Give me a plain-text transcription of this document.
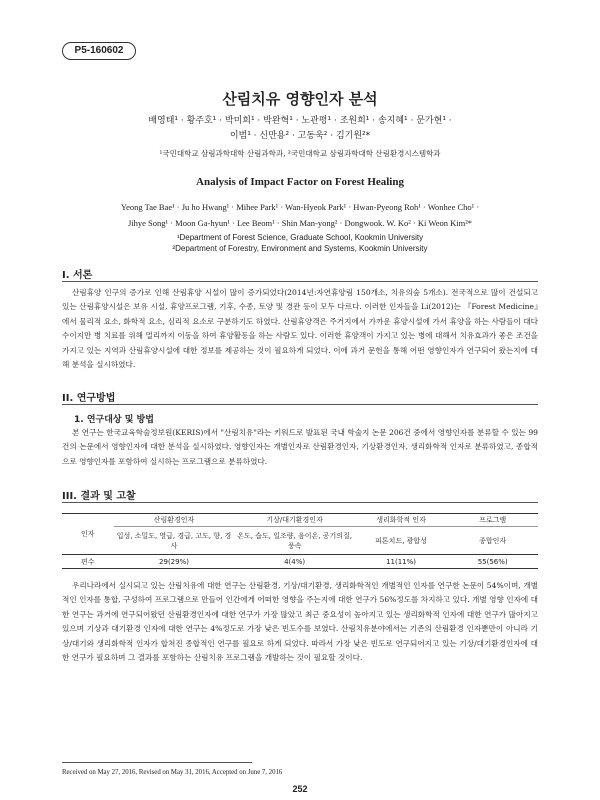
P5-160602
산림치유 영향인자 분석
배영태¹ · 황주호¹ · 박미희¹ · 박완혁¹ · 노관평¹ · 조원희¹ · 송지혜¹ · 문가현¹ ·
이범¹ · 신만용² · 고동욱² · 김기원²*
¹국민대학교 삼림과학대학 산림과학과, ²국민대학교 삼림과학대학 산림환경시스템학과
Analysis of Impact Factor on Forest Healing
Yeong Tae Bae¹ · Ju ho Hwang¹ · Mihee Park¹ · Wan-Hyeok Park¹ · Hwan-Pyeong Roh¹ · Wonhee Cho¹ ·
Jihye Song¹ · Moon Ga-hyun¹ · Lee Beom¹ · Shin Man-yong² · Dongwook. W. Ko² · Ki Weon Kim²*
¹Department of Forest Science, Graduate School, Kookmin University
²Department of Forestry, Environment and Systems, Kookmin University
I. 서론
산림휴양 인구의 증가로 인해 산림휴양 시설이 많이 증가되었다(2014년:자연휴양림 150개소, 치유의숲 5개소). 전국적으로 많이 건설되고 있는 산림휴양시설은 보유 시설, 휴양프로그램, 기후, 수종, 토양 및 경관 등이 모두 다르다. 이러한 인자들을 Li(2012)는 『Forest Medicine』에서 물리적 요소, 화학적 요소, 심리적 요소로 구분하기도 하였다. 산림휴양객은 주거지에서 가까운 휴양시설에 가서 휴양을 하는 사람들이 대다수이지만 병 치료를 위해 멀리까지 이동을 하여 휴양활동을 하는 사람도 있다. 이러한 휴양객이 가지고 있는 병에 대해서 치유효과가 좋은 조건을 가지고 있는 지역과 산림휴양시설에 대한 정보를 제공하는 것이 필요하게 되었다. 이에 과거 문헌을 통해 어떤 영향인자가 연구되어 왔는지에 대해 분석을 실시하였다.
II. 연구방법
1. 연구대상 및 방법
본 연구는 한국교육학술정보원(KERIS)에서 "산림치유"라는 키워드로 발표된 국내 학술지 논문 206건 중에서 영향인자를 분류할 수 있는 99건의 논문에서 영향인자에 대한 분석을 실시하였다. 영향인자는 개별인자로 산림환경인자, 기상환경인자, 생리화학적 인자로 분류하였고, 종합적으로 영향인자를 포함하여 실시하는 프로그램으로 분류하였다.
III. 결과 및 고찰
인자	산림환경인자	기상/대기환경인자	생리화학적 인자	프로그램
	입성, 소밀도, 영급, 경급, 고도, 향, 경사	온도, 습도, 일조량, 음이온, 공기의질, 풍속	피톤치드, 광합성	종합인자
편수	29(29%)	4(4%)	11(11%)	55(56%)
우리나라에서 실시되고 있는 산림치유에 대한 연구는 산림환경, 기상/대기환경, 생리화학적인 개별적인 인자를 연구한 논문이 54%이며, 개별적인 인자를 통합, 구성하여 프로그램으로 만들어 인간에게 어떠한 영향을 주는지에 대한 연구가 56%정도를 차지하고 있다. 개별 영향 인자에 대한 연구는 과거에 연구되어왔던 산림환경인자에 대한 연구가 가장 많았고 최근 중요성이 높아지고 있는 생리화학적 인자에 대한 연구가 많아지고 있으며 기상과 대기환경 인자에 대한 연구는 4%정도로 가장 낮은 빈도수를 보였다. 산림치유분야에서는 기존의 산림환경 인자뿐만이 아니라 기상/대기와 생리화학적 인자가 합쳐진 종합적인 연구를 필요로 하게 되었다. 따라서 가장 낮은 빈도로 연구되어지고 있는 기상/대기환경인자에 대한 연구가 필요하며 그 결과를 포함하는 산림치유 프로그램을 개발하는 것이 필요할 것이다.
Received on May 27, 2016, Revised on May 31, 2016, Accepted on June 7, 2016
252
